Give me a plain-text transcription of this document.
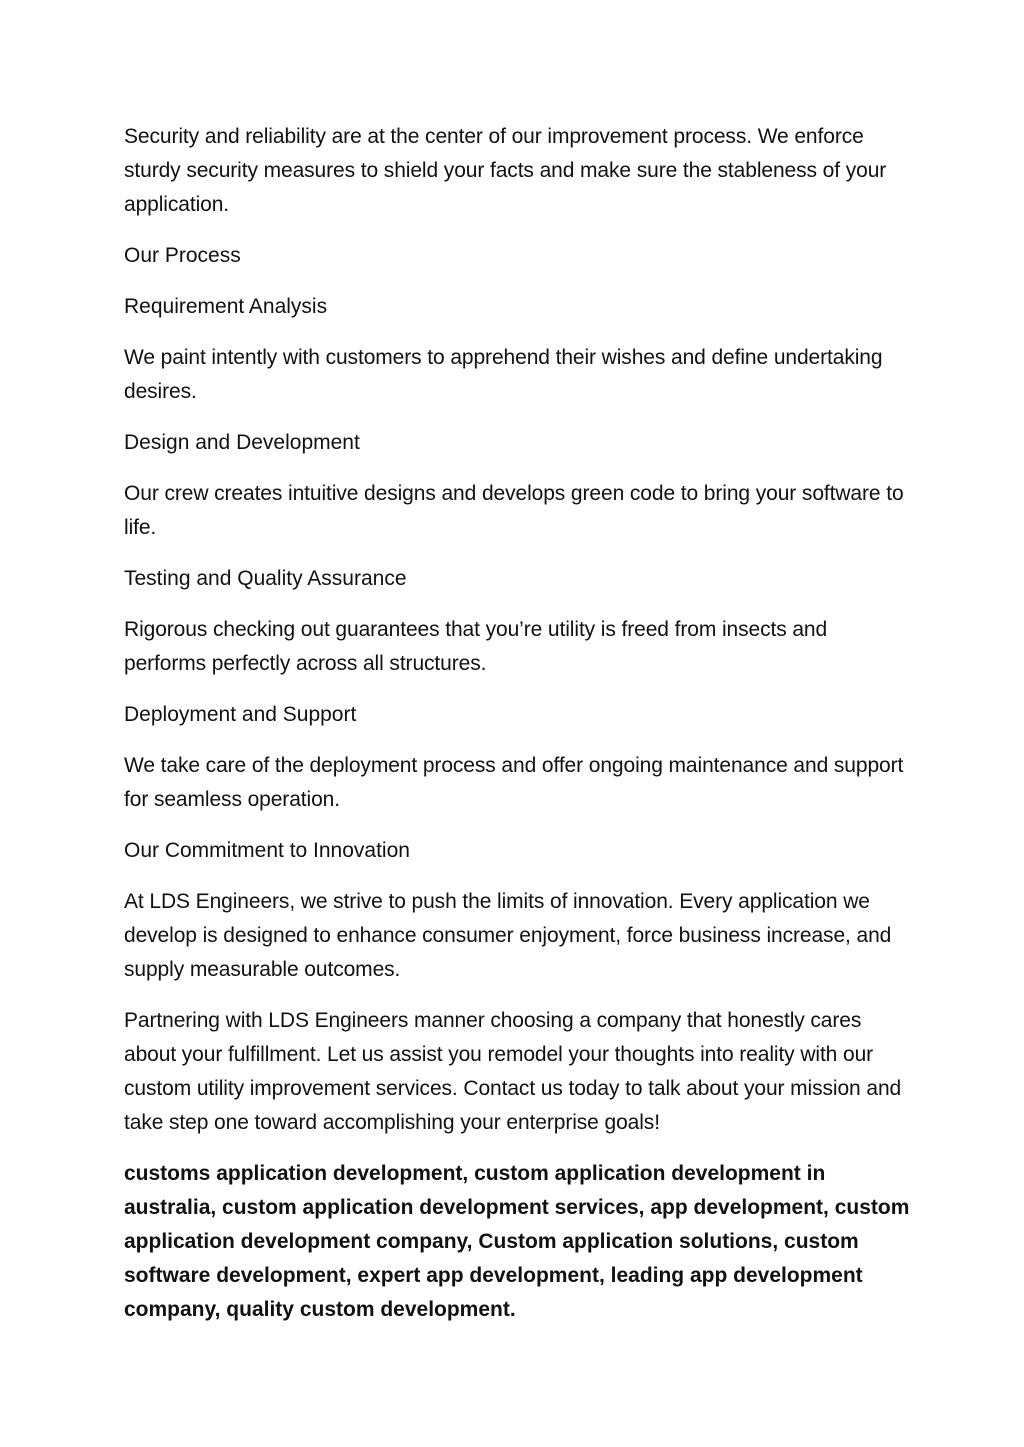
Security and reliability are at the center of our improvement process. We enforce sturdy security measures to shield your facts and make sure the stableness of your application.

Our Process

Requirement Analysis

We paint intently with customers to apprehend their wishes and define undertaking desires.

Design and Development

Our crew creates intuitive designs and develops green code to bring your software to life.

Testing and Quality Assurance

Rigorous checking out guarantees that you’re utility is freed from insects and performs perfectly across all structures.

Deployment and Support

We take care of the deployment process and offer ongoing maintenance and support for seamless operation.

Our Commitment to Innovation

At LDS Engineers, we strive to push the limits of innovation. Every application we develop is designed to enhance consumer enjoyment, force business increase, and supply measurable outcomes.

Partnering with LDS Engineers manner choosing a company that honestly cares about your fulfillment. Let us assist you remodel your thoughts into reality with our custom utility improvement services. Contact us today to talk about your mission and take step one toward accomplishing your enterprise goals!

customs application development, custom application development in australia, custom application development services, app development, custom application development company, Custom application solutions, custom software development, expert app development, leading app development company, quality custom development.
